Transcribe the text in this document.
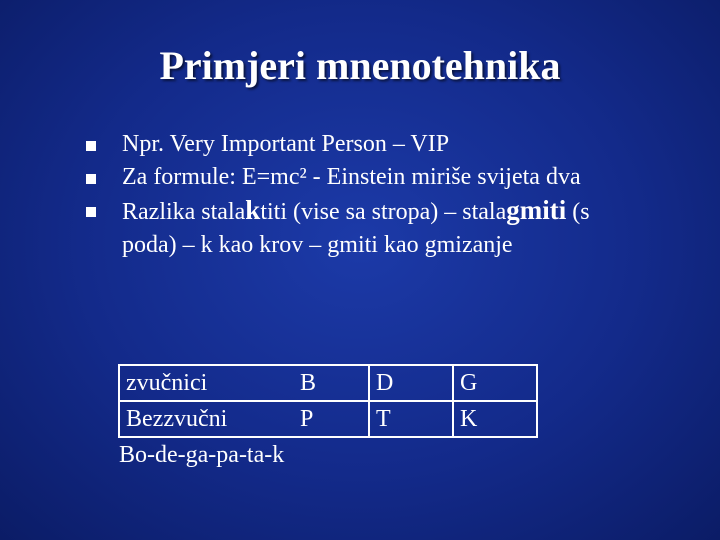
Primjeri mnenotehnika
Npr. Very Important Person – VIP
Za formule: E=mc² - Einstein miriše svijeta dva
Razlika stalaktiti (vise sa stropa) – stalagmiti (s poda) – k kao krov – gmiti kao gmizanje
zvučnici	B	D	G
Bezzvučni	P	T	K
Bo-de-ga-pa-ta-k			
